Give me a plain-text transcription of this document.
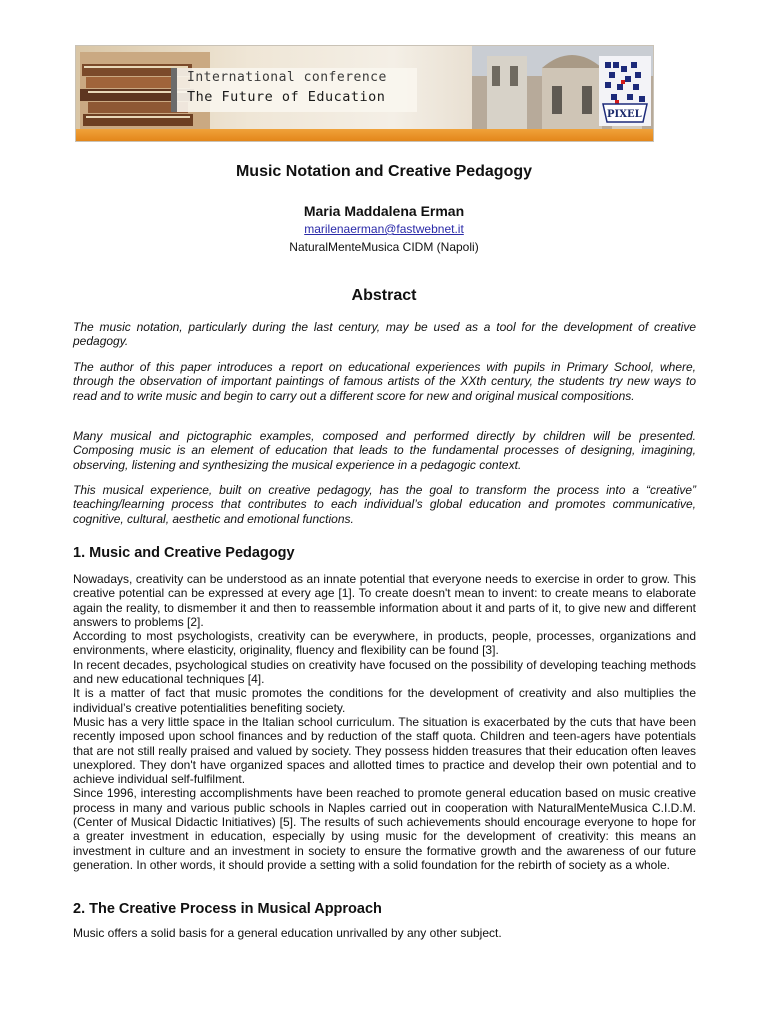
International conference
The Future of Education
PIXEL
Music Notation and Creative Pedagogy
Maria Maddalena Erman
marilenaerman@fastwebnet.it
NaturalMenteMusica CIDM (Napoli)
Abstract

The music notation, particularly during the last century, may be used as a tool for the development of creative pedagogy.

The author of this paper introduces a report on educational experiences with pupils in Primary School, where, through the observation of important paintings of famous artists of the XXth century, the students try new ways to read and to write music and begin to carry out a different score for new and original musical compositions.

Many musical and pictographic examples, composed and performed directly by children will be presented. Composing music is an element of education that leads to the fundamental processes of designing, imagining, observing, listening and synthesizing the musical experience in a pedagogic context.

This musical experience, built on creative pedagogy, has the goal to transform the process into a “creative” teaching/learning process that contributes to each individual’s global education and promotes communicative, cognitive, cultural, aesthetic and emotional functions.

1. Music and Creative Pedagogy

Nowadays, creativity can be understood as an innate potential that everyone needs to exercise in order to grow. This creative potential can be expressed at every age [1]. To create doesn't mean to invent: to create means to elaborate again the reality, to dismember it and then to reassemble information about it and parts of it, to give new and different answers to problems [2].

According to most psychologists, creativity can be everywhere, in products, people, processes, organizations and environments, where elasticity, originality, fluency and flexibility can be found [3].

In recent decades, psychological studies on creativity have focused on the possibility of developing teaching methods and new educational techniques [4].

It is a matter of fact that music promotes the conditions for the development of creativity and also multiplies the individual’s creative potentialities benefiting society.

Music has a very little space in the Italian school curriculum. The situation is exacerbated by the cuts that have been recently imposed upon school finances and by reduction of the staff quota. Children and teen-agers have potentials that are not still really praised and valued by society. They possess hidden treasures that their education often leaves unexplored. They don't have organized spaces and allotted times to practice and develop their own potential and to achieve individual self-fulfilment.

Since 1996, interesting accomplishments have been reached to promote general education based on music creative process in many and various public schools in Naples carried out in cooperation with NaturalMenteMusica C.I.D.M. (Center of Musical Didactic Initiatives) [5]. The results of such achievements should encourage everyone to hope for a greater investment in education, especially by using music for the development of creativity: this means an investment in culture and an investment in society to ensure the formative growth and the awareness of our future generation. In other words, it should provide a setting with a solid foundation for the rebirth of society as a whole.

2. The Creative Process in Musical Approach

Music offers a solid basis for a general education unrivalled by any other subject.
